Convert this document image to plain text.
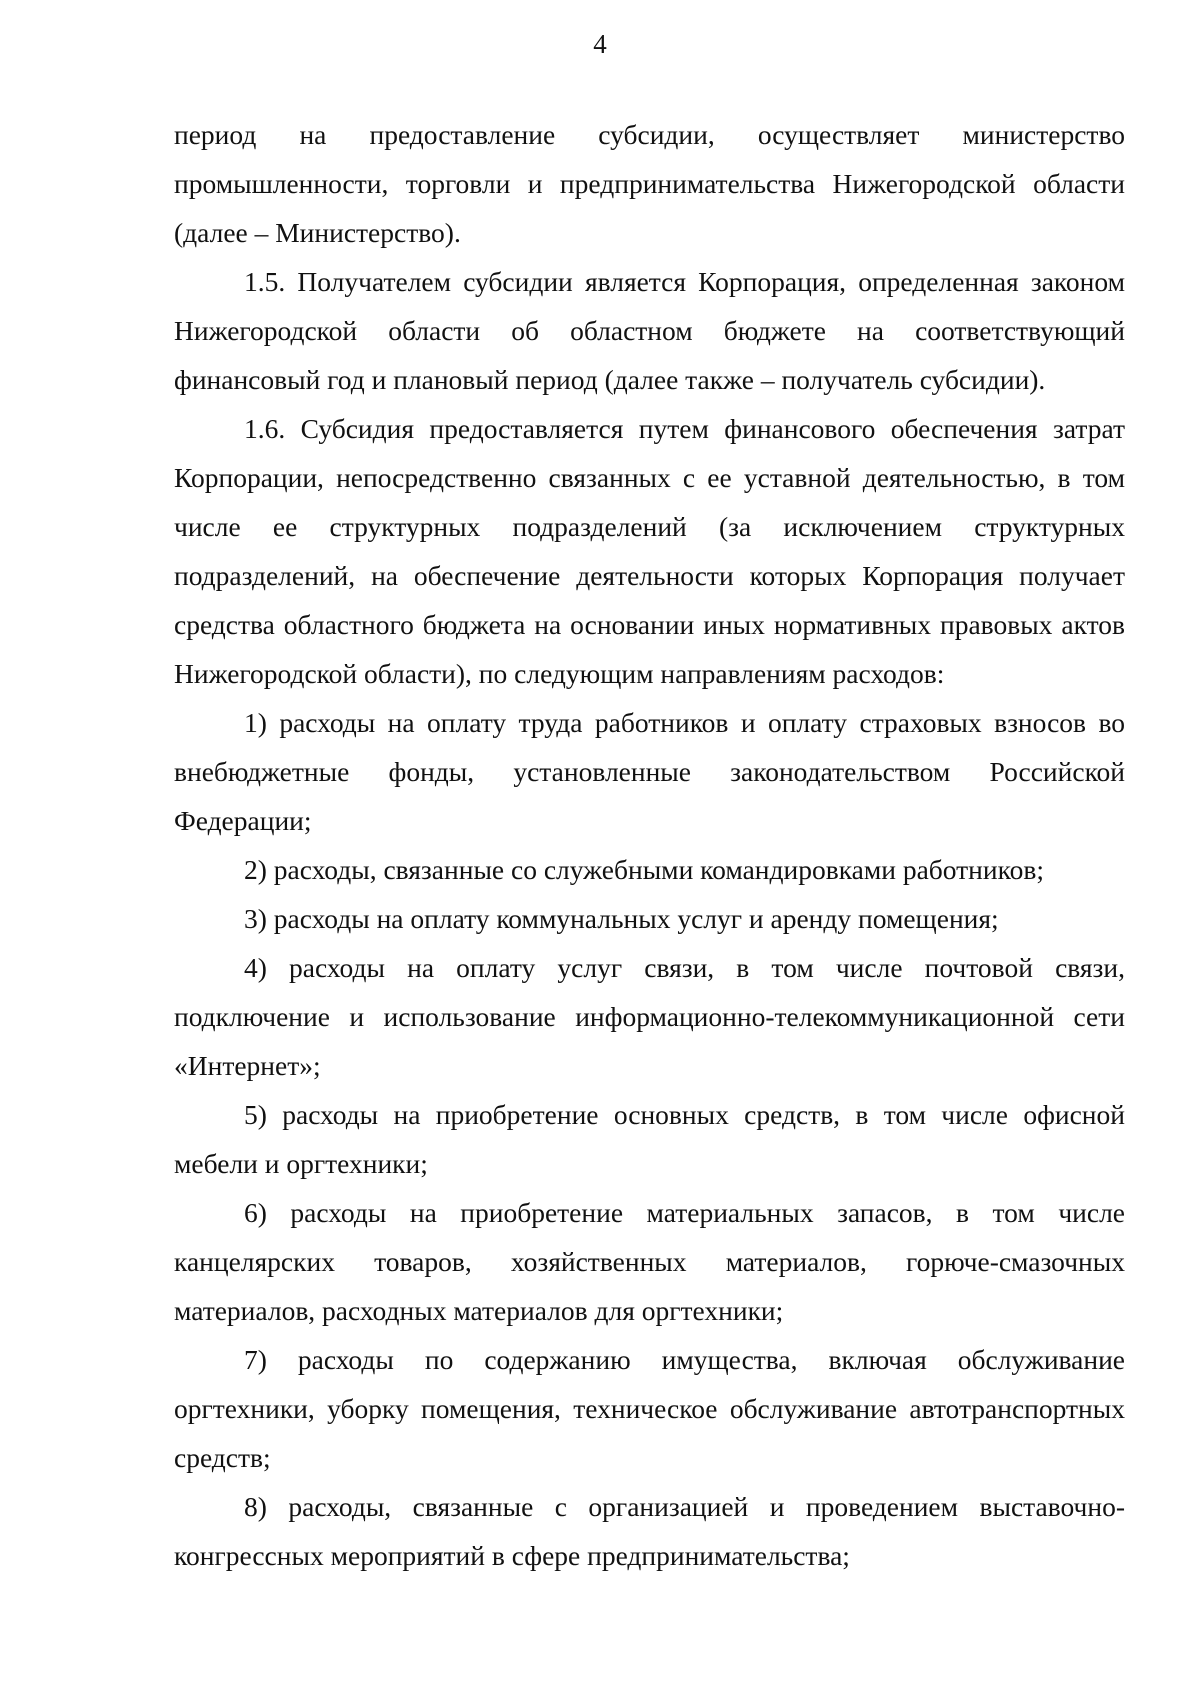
4

период на предоставление субсидии, осуществляет министерство промышленности, торговли и предпринимательства Нижегородской области (далее – Министерство).

1.5. Получателем субсидии является Корпорация, определенная законом Нижегородской области об областном бюджете на соответствующий финансовый год и плановый период (далее также – получатель субсидии).

1.6. Субсидия предоставляется путем финансового обеспечения затрат Корпорации, непосредственно связанных с ее уставной деятельностью, в том числе ее структурных подразделений (за исключением структурных подразделений, на обеспечение деятельности которых Корпорация получает средства областного бюджета на основании иных нормативных правовых актов Нижегородской области), по следующим направлениям расходов:

1) расходы на оплату труда работников и оплату страховых взносов во внебюджетные фонды, установленные законодательством Российской Федерации;

2) расходы, связанные со служебными командировками работников;

3) расходы на оплату коммунальных услуг и аренду помещения;

4) расходы на оплату услуг связи, в том числе почтовой связи, подключение и использование информационно-телекоммуникационной сети «Интернет»;

5) расходы на приобретение основных средств, в том числе офисной мебели и оргтехники;

6) расходы на приобретение материальных запасов, в том числе канцелярских товаров, хозяйственных материалов, горюче-смазочных материалов, расходных материалов для оргтехники;

7) расходы по содержанию имущества, включая обслуживание оргтехники, уборку помещения, техническое обслуживание автотранспортных средств;

8) расходы, связанные с организацией и проведением выставочно-конгрессных мероприятий в сфере предпринимательства;
